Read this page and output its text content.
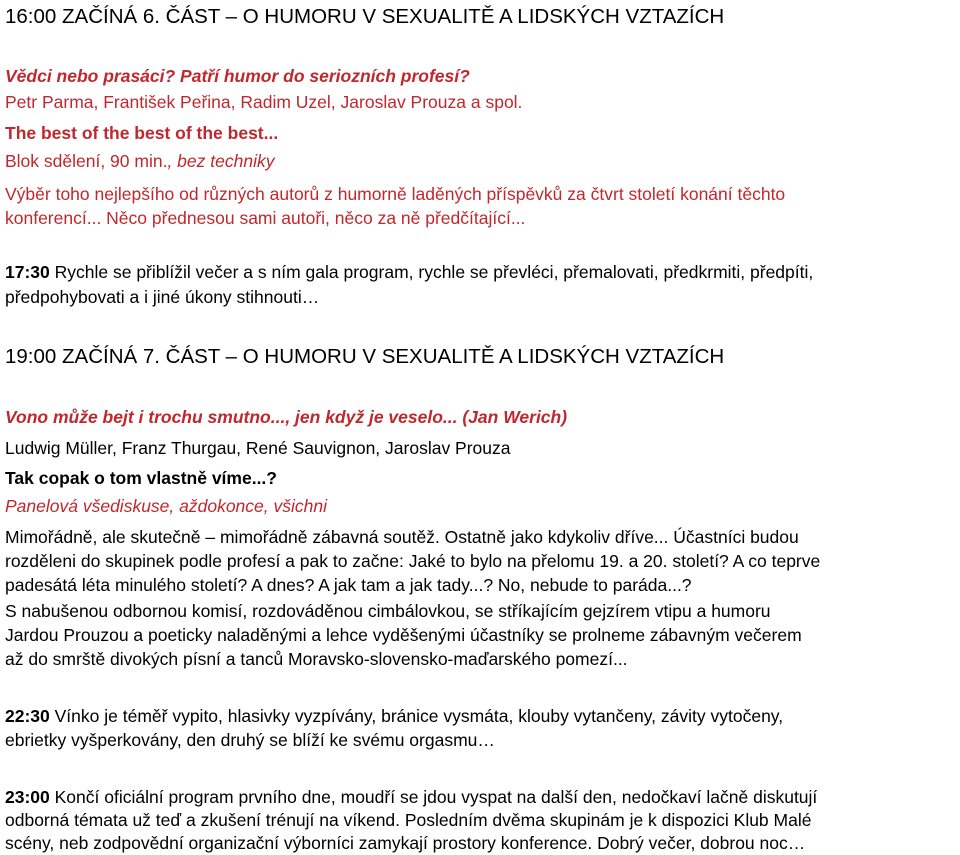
16:00 ZAČÍNÁ 6. ČÁST – O HUMORU V SEXUALITĚ A LIDSKÝCH VZTAZÍCH
Vědci nebo prasáci? Patří humor do seriozních profesí?
Petr Parma, František Peřina, Radim Uzel, Jaroslav Prouza a spol.
The best of the best of the best...
Blok sdělení, 90 min., bez techniky
Výběr toho nejlepšího od různých autorů z humorně laděných příspěvků za čtvrt století konání těchto
konferencí... Něco přednesou sami autoři, něco za ně předčítající...
17:30 Rychle se přiblížil večer a s ním gala program, rychle se převléci, přemalovati, předkrmiti, předpíti,
předpohybovati a i jiné úkony stihnouti…
19:00 ZAČÍNÁ 7. ČÁST – O HUMORU V SEXUALITĚ A LIDSKÝCH VZTAZÍCH
Vono může bejt i trochu smutno..., jen když je veselo... (Jan Werich)
Ludwig Müller, Franz Thurgau, René Sauvignon, Jaroslav Prouza
Tak copak o tom vlastně víme...?
Panelová všediskuse, aždokonce, všichni
Mimořádně, ale skutečně – mimořádně zábavná soutěž. Ostatně jako kdykoliv dříve... Účastníci budou
rozděleni do skupinek podle profesí a pak to začne: Jaké to bylo na přelomu 19. a 20. století? A co teprve
padesátá léta minulého století? A dnes? A jak tam a jak tady...? No, nebude to paráda...?
S nabušenou odbornou komisí, rozdováděnou cimbálovkou, se stříkajícím gejzírem vtipu a humoru
Jardou Prouzou a poeticky naladěnými a lehce vyděšenými účastníky se prolneme zábavným večerem
až do smrště divokých písní a tanců Moravsko-slovensko-maďarského pomezí...
22:30 Vínko je téměř vypito, hlasivky vyzpívány, bránice vysmáta, klouby vytančeny, závity vytočeny,
ebrietky vyšperkovány, den druhý se blíží ke svému orgasmu…
23:00 Končí oficiální program prvního dne, moudří se jdou vyspat na další den, nedočkaví lačně diskutují
odborná témata už teď a zkušení trénují na víkend. Posledním dvěma skupinám je k dispozici Klub Malé
scény, neb zodpovědní organizační výborníci zamykají prostory konference. Dobrý večer, dobrou noc…
